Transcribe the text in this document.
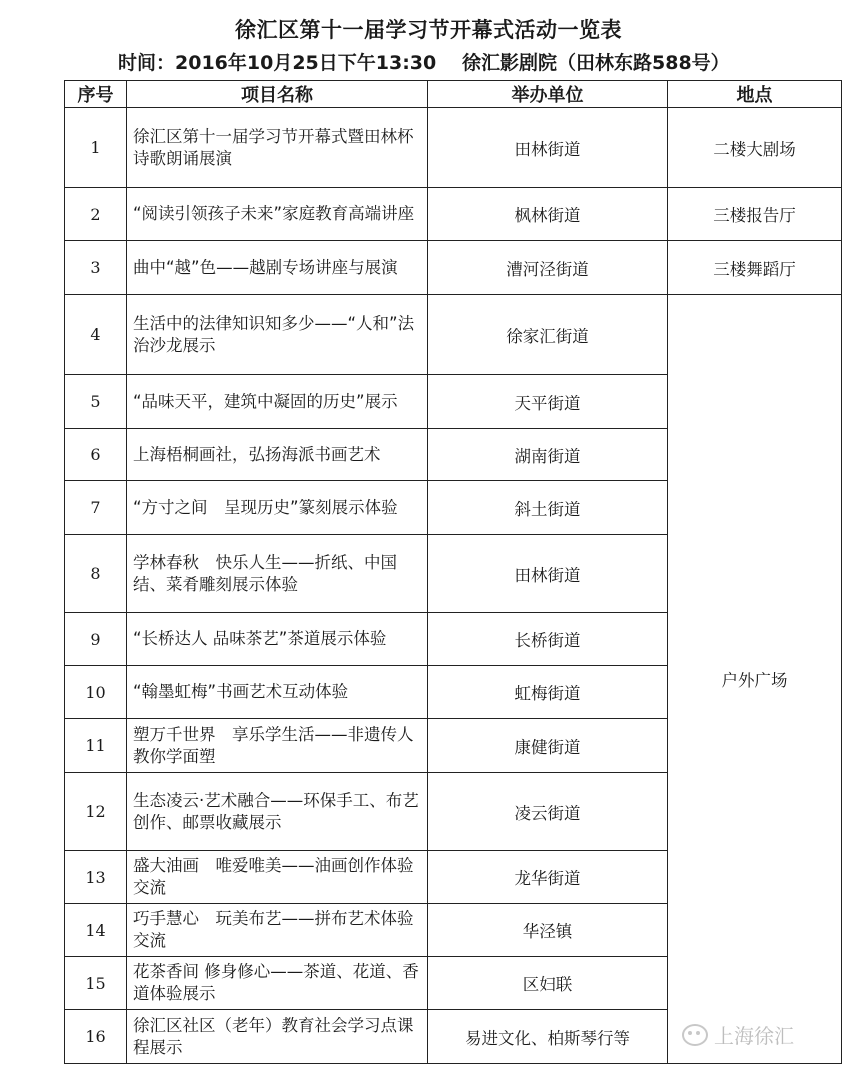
徐汇区第十一届学习节开幕式活动一览表
时间：2016年10月25日下午13:30 徐汇影剧院（田林东路588号）
序号	项目名称	举办单位	地点
1	徐汇区第十一届学习节开幕式暨田林杯诗歌朗诵展演	田林街道	二楼大剧场
2	“阅读引领孩子未来”家庭教育高端讲座	枫林街道	三楼报告厅
3	曲中“越”色——越剧专场讲座与展演	漕河泾街道	三楼舞蹈厅
4	生活中的法律知识知多少——“人和”法治沙龙展示	徐家汇街道	户外广场
5	“品味天平，建筑中凝固的历史”展示	天平街道	
6	上海梧桐画社，弘扬海派书画艺术	湖南街道	
7	“方寸之间　呈现历史”篆刻展示体验	斜土街道	
8	学林春秋　快乐人生——折纸、中国结、菜肴雕刻展示体验	田林街道	
9	“长桥达人 品味茶艺”茶道展示体验	长桥街道	
10	“翰墨虹梅”书画艺术互动体验	虹梅街道	
11	塑万千世界　享乐学生活——非遗传人教你学面塑	康健街道	
12	生态凌云·艺术融合——环保手工、布艺创作、邮票收藏展示	凌云街道	
13	盛大油画　唯爱唯美——油画创作体验交流	龙华街道	
14	巧手慧心　玩美布艺——拼布艺术体验交流	华泾镇	
15	花茶香间 修身修心——茶道、花道、香道体验展示	区妇联	
16	徐汇区社区（老年）教育社会学习点课程展示	易进文化、柏斯琴行等		上海徐汇
